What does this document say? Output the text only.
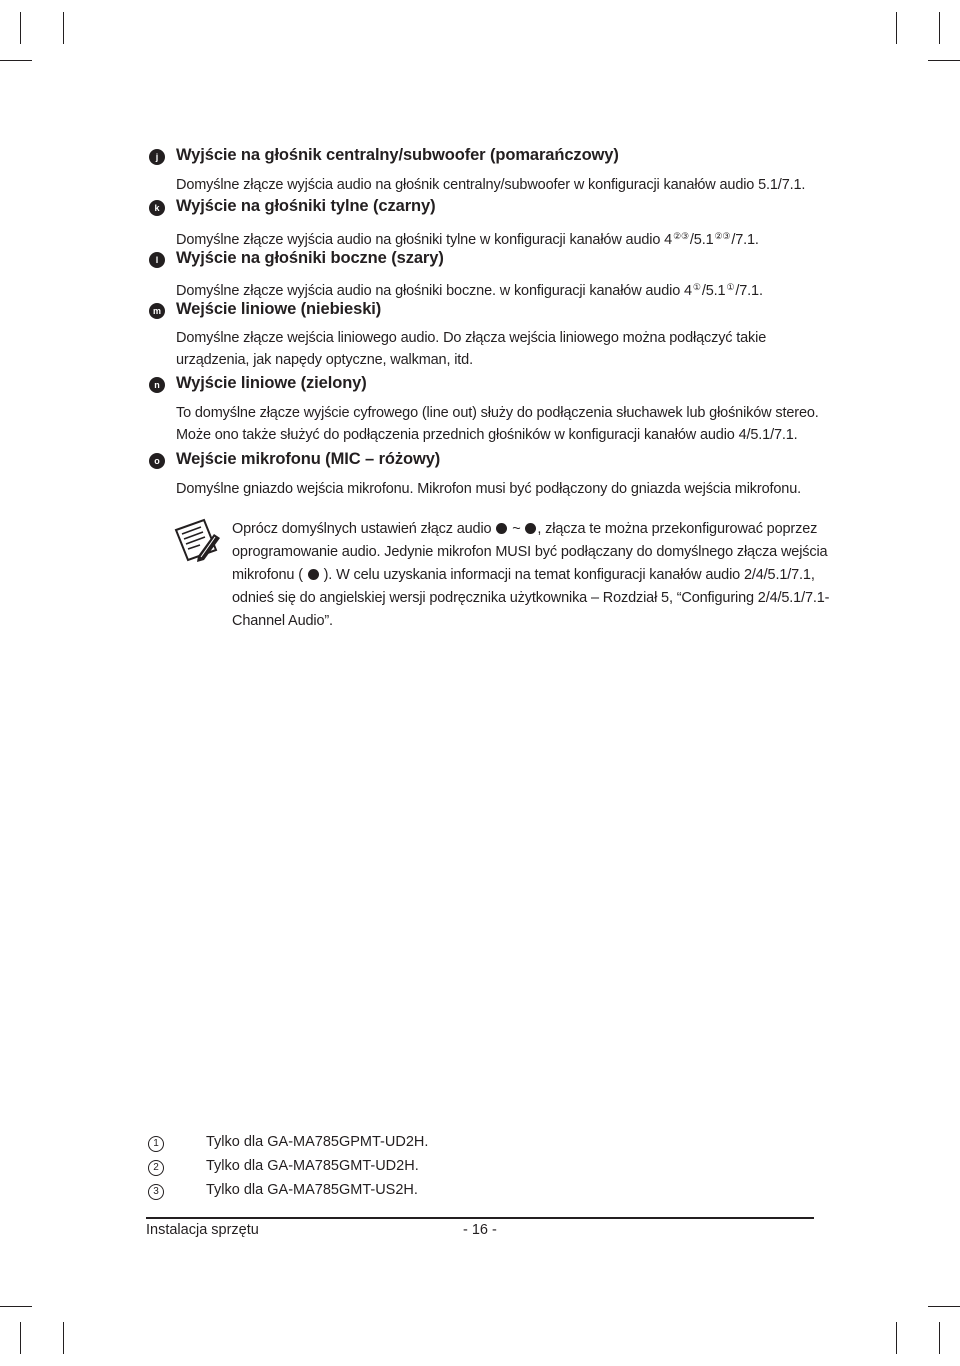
j	Wyjście na głośnik centralny/subwoofer (pomarańczowy)
Domyślne złącze wyjścia audio na głośnik centralny/subwoofer w konfiguracji kanałów audio 5.1/7.1.
k	Wyjście na głośniki tylne (czarny)
Domyślne złącze wyjścia audio na głośniki tylne w konfiguracji kanałów audio 4②③/5.1②③/7.1.
l	Wyjście na głośniki boczne (szary)
Domyślne złącze wyjścia audio na głośniki boczne. w konfiguracji kanałów audio 4①/5.1①/7.1.
m Wejście liniowe (niebieski)
Domyślne złącze wejścia liniowego audio. Do złącza wejścia liniowego można podłączyć takie
urządzenia, jak napędy optyczne, walkman, itd.
n Wyjście liniowe (zielony)
To domyślne złącze wyjście cyfrowego (line out) służy do podłączenia słuchawek lub głośników stereo.
Może ono także służyć do podłączenia przednich głośników w konfiguracji kanałów audio 4/5.1/7.1.
o Wejście mikrofonu (MIC – różowy)
Domyślne gniazdo wejścia mikrofonu. Mikrofon musi być podłączony do gniazda wejścia mikrofonu.
Oprócz domyślnych ustawień złącz audio  ~ , złącza te można przekonfigurować poprzez
oprogramowanie audio. Jedynie mikrofon MUSI być podłączany do domyślnego złącza wejścia
mikrofonu (  ). W celu uzyskania informacji na temat konfiguracji kanałów audio 2/4/5.1/7.1,
odnieś się do angielskiej wersji podręcznika użytkownika – Rozdział 5, “Configuring 2/4/5.1/7.1-
Channel Audio”.
1	Tylko dla GA-MA785GPMT-UD2H.
2	Tylko dla GA-MA785GMT-UD2H.
3	Tylko dla GA-MA785GMT-US2H.
Instalacja sprzętu	- 16 -
